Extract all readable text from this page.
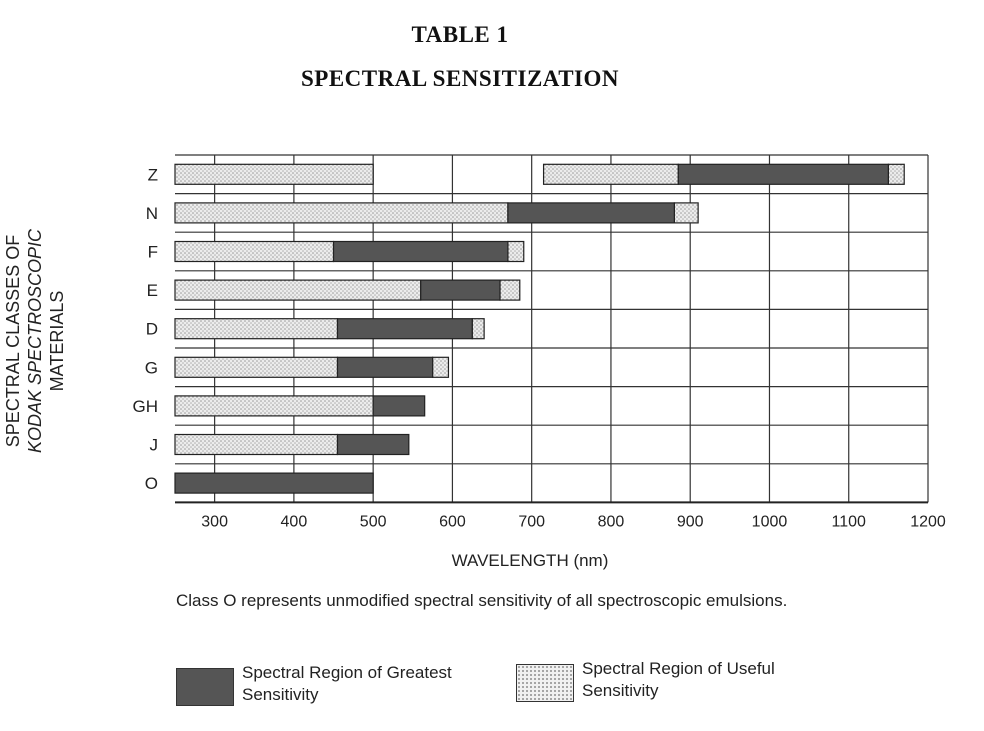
TABLE 1
SPECTRAL SENSITIZATION
300	400	500	600	700	800	900	1000	1100	1200
Z
N
F
E
D
G
GH
J
O
SPECTRAL CLASSES OF KODAK SPECTROSCOPIC MATERIALS
WAVELENGTH (nm)
Class O represents unmodified spectral sensitivity of all spectroscopic emulsions.
Spectral Region of Greatest Sensitivity
Spectral Region of Useful Sensitivity
